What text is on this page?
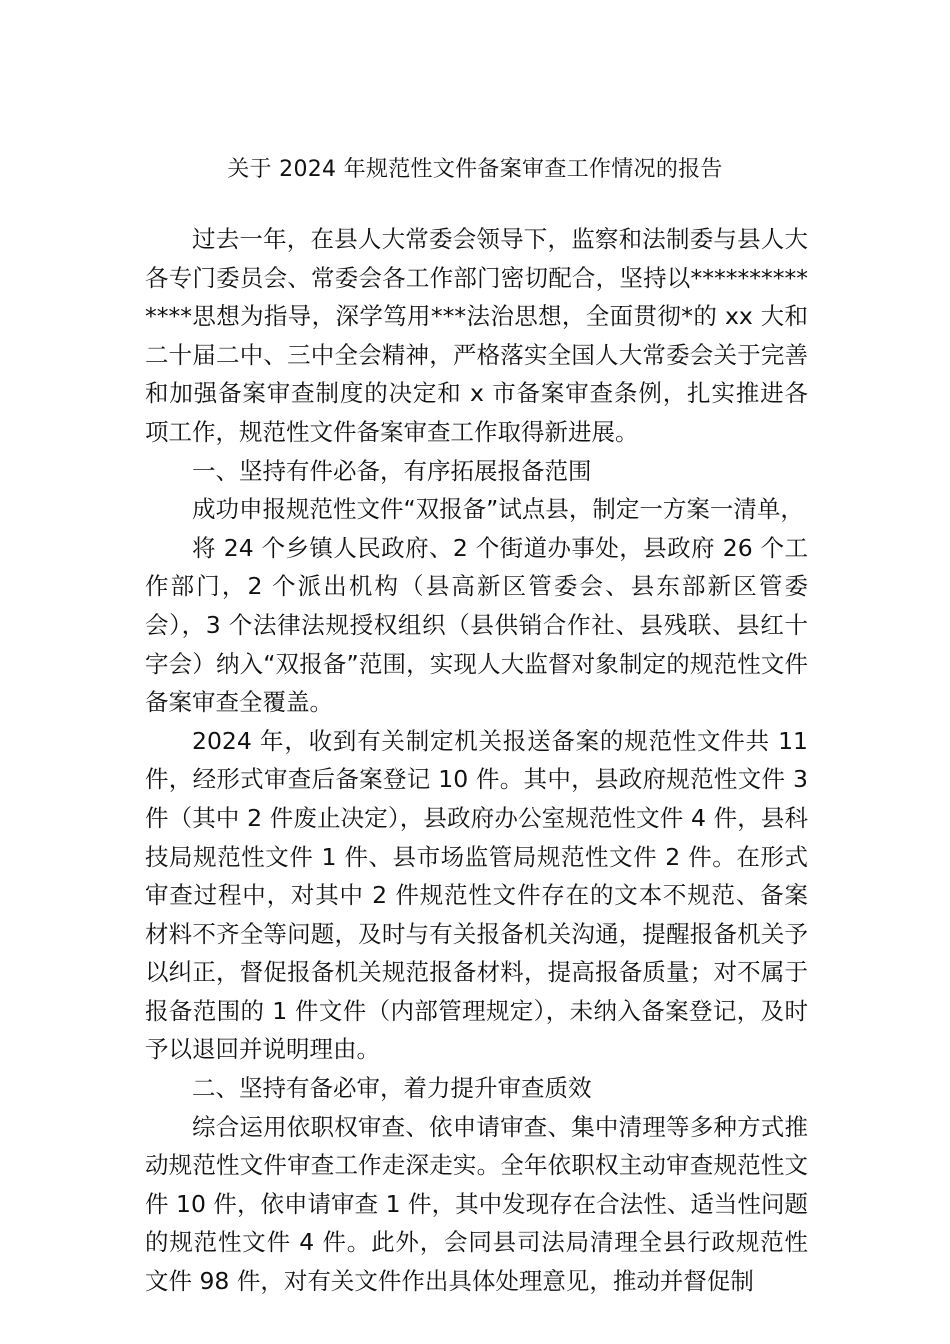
关于 2024 年规范性文件备案审查工作情况的报告

过去一年，在县人大常委会领导下，监察和法制委与县人大各专门委员会、常委会各工作部门密切配合，坚持以**************思想为指导，深学笃用***法治思想，全面贯彻*的 xx 大和二十届二中、三中全会精神，严格落实全国人大常委会关于完善和加强备案审查制度的决定和 x 市备案审查条例，扎实推进各项工作，规范性文件备案审查工作取得新进展。

一、坚持有件必备，有序拓展报备范围

成功申报规范性文件“双报备”试点县，制定一方案一清单，

将 24 个乡镇人民政府、2 个街道办事处，县政府 26 个工作部门，2 个派出机构（县高新区管委会、县东部新区管委会），3 个法律法规授权组织（县供销合作社、县残联、县红十字会）纳入“双报备”范围，实现人大监督对象制定的规范性文件备案审查全覆盖。

2024 年，收到有关制定机关报送备案的规范性文件共 11 件，经形式审查后备案登记 10 件。其中，县政府规范性文件 3 件（其中 2 件废止决定），县政府办公室规范性文件 4 件，县科技局规范性文件 1 件、县市场监管局规范性文件 2 件。在形式审查过程中，对其中 2 件规范性文件存在的文本不规范、备案材料不齐全等问题，及时与有关报备机关沟通，提醒报备机关予以纠正，督促报备机关规范报备材料，提高报备质量；对不属于报备范围的 1 件文件（内部管理规定），未纳入备案登记，及时予以退回并说明理由。

二、坚持有备必审，着力提升审查质效

综合运用依职权审查、依申请审查、集中清理等多种方式推动规范性文件审查工作走深走实。全年依职权主动审查规范性文件 10 件，依申请审查 1 件，其中发现存在合法性、适当性问题的规范性文件 4 件。此外，会同县司法局清理全县行政规范性文件 98 件，对有关文件作出具体处理意见，推动并督促制
